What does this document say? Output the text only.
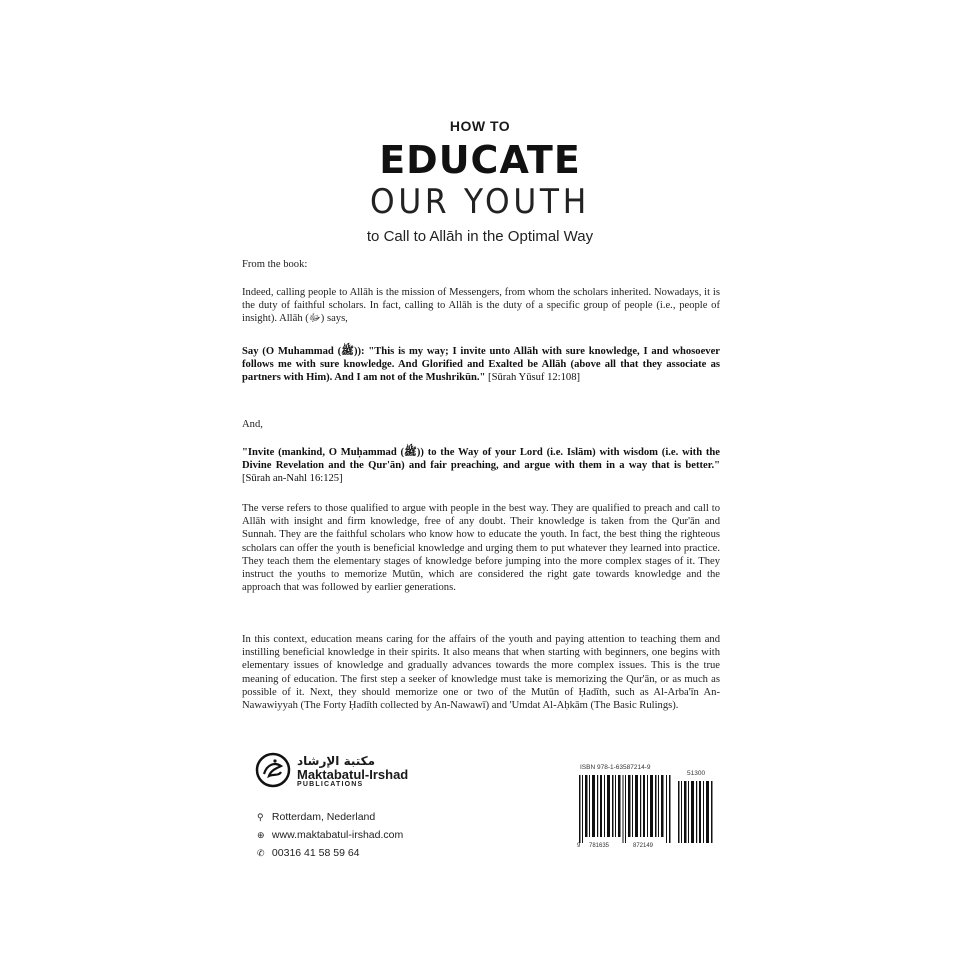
HOW TO
EDUCATE
OUR YOUTH
to Call to Allāh in the Optimal Way
From the book:
Indeed, calling people to Allāh is the mission of Messengers, from whom the scholars inherited. Nowadays, it is the duty of faithful scholars. In fact, calling to Allāh is the duty of a specific group of people (i.e., people of insight). Allāh (ﷻ) says,
Say (O Muhammad (ﷺ)): "This is my way; I invite unto Allāh with sure knowledge, I and whosoever follows me with sure knowledge. And Glorified and Exalted be Allāh (above all that they associate as partners with Him). And I am not of the Mushrikūn." [Sūrah Yūsuf 12:108]
And,
"Invite (mankind, O Muḥammad (ﷺ)) to the Way of your Lord (i.e. Islām) with wisdom (i.e. with the Divine Revelation and the Qur'ān) and fair preaching, and argue with them in a way that is better." [Sūrah an-Nahl 16:125]
The verse refers to those qualified to argue with people in the best way. They are qualified to preach and call to Allāh with insight and firm knowledge, free of any doubt. Their knowledge is taken from the Qur'ān and Sunnah. They are the faithful scholars who know how to educate the youth. In fact, the best thing the righteous scholars can offer the youth is beneficial knowledge and urging them to put whatever they learned into practice. They teach them the elementary stages of knowledge before jumping into the more complex stages of it. They instruct the youths to memorize Mutūn, which are considered the right gate towards knowledge and the approach that was followed by earlier generations.
In this context, education means caring for the affairs of the youth and paying attention to teaching them and instilling beneficial knowledge in their spirits. It also means that when starting with beginners, one begins with elementary issues of knowledge and gradually advances towards the more complex issues. This is the true meaning of education. The first step a seeker of knowledge must take is memorizing the Qur'ān, or as much as possible of it. Next, they should memorize one or two of the Mutūn of Ḥadīth, such as Al-Arba'īn An-Nawawiyyah (The Forty Ḥadīth collected by An-Nawawī) and 'Umdat Al-Aḥkām (The Basic Rulings).
مكتبة الإرشاد
Maktabatul-Irshad
PUBLICATIONS
⚲ Rotterdam, Nederland
⊕ www.maktabatul-irshad.com
✆ 00316 41 58 59 64
ISBN 978-1-63587214-9
51300
9 781635	872149
